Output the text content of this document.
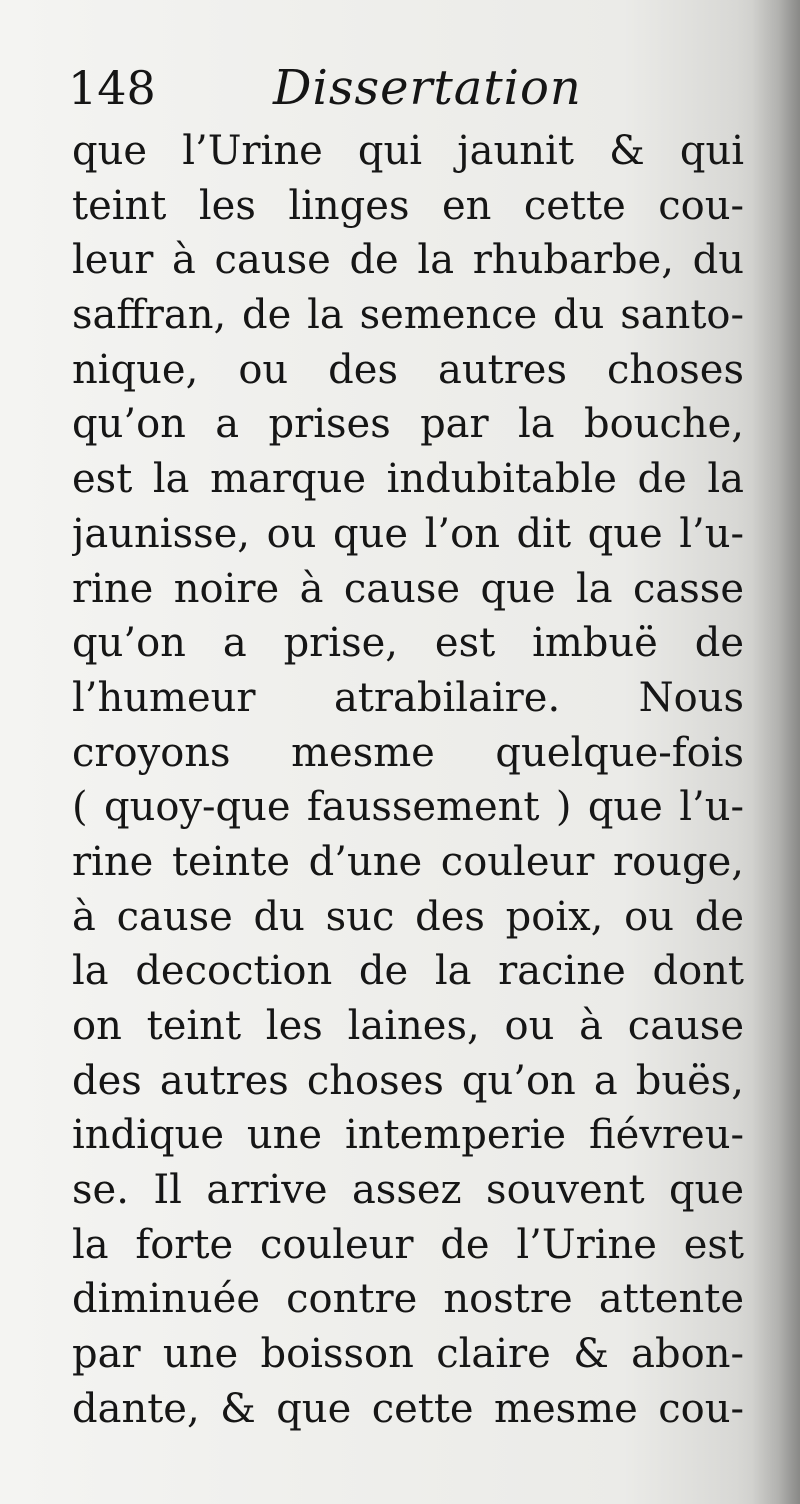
148 Dissertation
que l’Urine qui jaunit & qui
teint les linges en cette cou-
leur à cause de la rhubarbe, du
saffran, de la semence du santo-
nique, ou des autres choses
qu’on a prises par la bouche,
est la marque indubitable de la
jaunisse, ou que l’on dit que l’u-
rine noire à cause que la casse
qu’on a prise, est imbuë de
l’humeur atrabilaire. Nous
croyons mesme quelque-fois
( quoy-que faussement ) que l’u-
rine teinte d’une couleur rouge,
à cause du suc des poix, ou de
la decoction de la racine dont
on teint les laines, ou à cause
des autres choses qu’on a buës,
indique une intemperie fiévreu-
se. Il arrive assez souvent que
la forte couleur de l’Urine est
diminuée contre nostre attente
par une boisson claire & abon-
dante, & que cette mesme cou-
